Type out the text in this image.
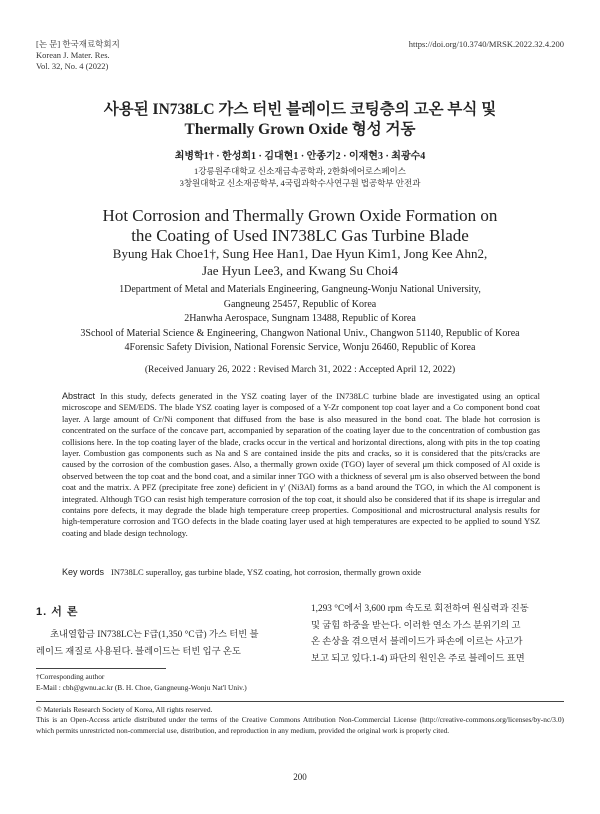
[논 문] 한국재료학회지
Korean J. Mater. Res.
Vol. 32, No. 4 (2022)
https://doi.org/10.3740/MRSK.2022.32.4.200
사용된 IN738LC 가스 터빈 블레이드 코팅층의 고온 부식 및
Thermally Grown Oxide 형성 거동
최병학1† · 한성희1 · 김대현1 · 안종기2 · 이재현3 · 최광수4
1강릉원주대학교 신소재금속공학과, 2한화에어로스페이스
3창원대학교 신소재공학부, 4국립과학수사연구원 법공학부 안전과
Hot Corrosion and Thermally Grown Oxide Formation on
the Coating of Used IN738LC Gas Turbine Blade
Byung Hak Choe1†, Sung Hee Han1, Dae Hyun Kim1, Jong Kee Ahn2,
Jae Hyun Lee3, and Kwang Su Choi4
1Department of Metal and Materials Engineering, Gangneung-Wonju National University,
Gangneung 25457, Republic of Korea
2Hanwha Aerospace, Sungnam 13488, Republic of Korea
3School of Material Science & Engineering, Changwon National Univ., Changwon 51140, Republic of Korea
4Forensic Safety Division, National Forensic Service, Wonju 26460, Republic of Korea
(Received January 26, 2022 : Revised March 31, 2022 : Accepted April 12, 2022)
Abstract In this study, defects generated in the YSZ coating layer of the IN738LC turbine blade are investigated using an optical microscope and SEM/EDS. The blade YSZ coating layer is composed of a Y-Zr component top coat layer and a Co component bond coat layer. A large amount of Cr/Ni component that diffused from the base is also measured in the bond coat. The blade hot corrosion is concentrated on the surface of the concave part, accompanied by separation of the coating layer due to the concentration of combustion gas collisions here. In the top coating layer of the blade, cracks occur in the vertical and horizontal directions, along with pits in the top coating layer. Combustion gas components such as Na and S are contained inside the pits and cracks, so it is considered that the pits/cracks are caused by the corrosion of the combustion gases. Also, a thermally grown oxide (TGO) layer of several μm thick composed of Al oxide is observed between the top coat and the bond coat, and a similar inner TGO with a thickness of several μm is also observed between the bond coat and the matrix. A PFZ (precipitate free zone) deficient in γ′ (Ni3Al) forms as a band around the TGO, in which the Al component is integrated. Although TGO can resist high temperature corrosion of the top coat, it should also be considered that if its shape is irregular and contains pore defects, it may degrade the blade high temperature creep properties. Compositional and microstructural analysis results for high-temperature corrosion and TGO defects in the blade coating layer used at high temperatures are expected to be applied to sound YSZ coating and blade design technology.
Key words IN738LC superalloy, gas turbine blade, YSZ coating, hot corrosion, thermally grown oxide
1. 서 론
초내열합금 IN738LC는 F급(1,350 °C급) 가스 터빈 블
레이드 재질로 사용된다. 블레이드는 터빈 입구 온도
1,293 °C에서 3,600 rpm 속도로 회전하여 원심력과 진동
및 굽힘 하중을 받는다. 이러한 연소 가스 분위기의 고
온 손상을 겪으면서 블레이드가 파손에 이르는 사고가
보고 되고 있다.1-4) 파단의 원인은 주로 블레이드 표면
†Corresponding author
E-Mail : cbh@gwnu.ac.kr (B. H. Choe, Gangneung-Wonju Nat'l Univ.)
© Materials Research Society of Korea, All rights reserved.
This is an Open-Access article distributed under the terms of the Creative Commons Attribution Non-Commercial License (http://creative-commons.org/licenses/by-nc/3.0) which permits unrestricted non-commercial use, distribution, and reproduction in any medium, provided the original work is properly cited.
200
